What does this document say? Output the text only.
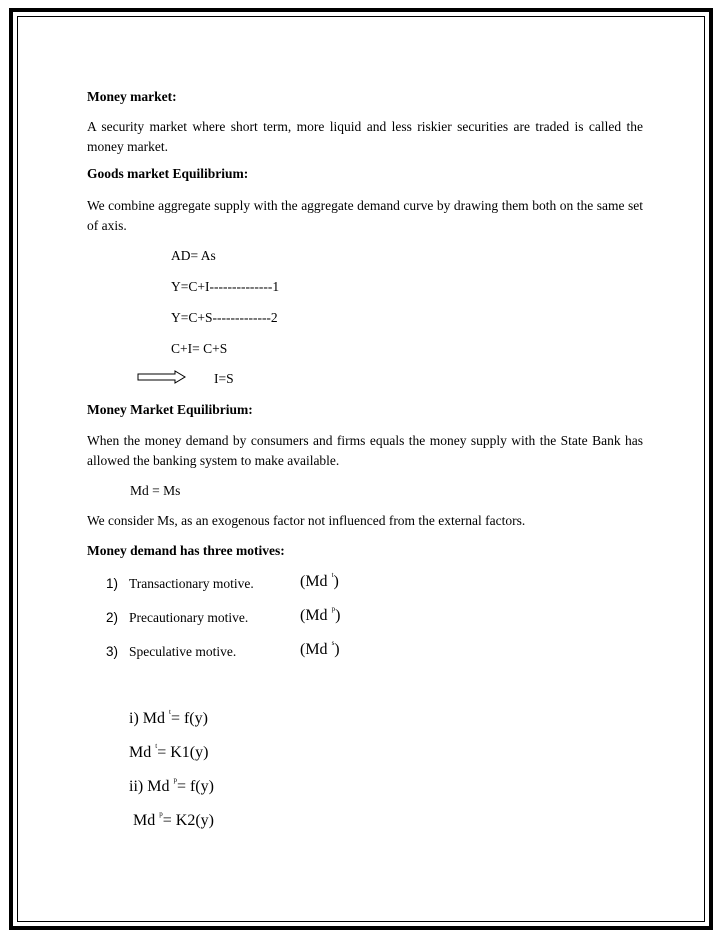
Money market:
A security market where short term, more liquid and less riskier securities are traded is called the money market.
Goods market Equilibrium:
We combine aggregate supply with the aggregate demand curve by drawing them both on the same set of axis.
AD= As
Y=C+I--------------1
Y=C+S-------------2
C+I= C+S
I=S
Money Market Equilibrium:
When the money demand by consumers and firms equals the money supply with the State Bank has allowed the banking system to make available.
Md = Ms
We consider Ms, as an exogenous factor not influenced from the external factors.
Money demand has three motives:
1) Transactionary motive.	(Md $^t$)
2) Precautionary motive.	(Md $^p$)
3) Speculative motive.	(Md $^s$)
i) Md $^t$= f(y)
Md $^t$= K1(y)
ii) Md $^p$= f(y)
Md $^p$= K2(y)
